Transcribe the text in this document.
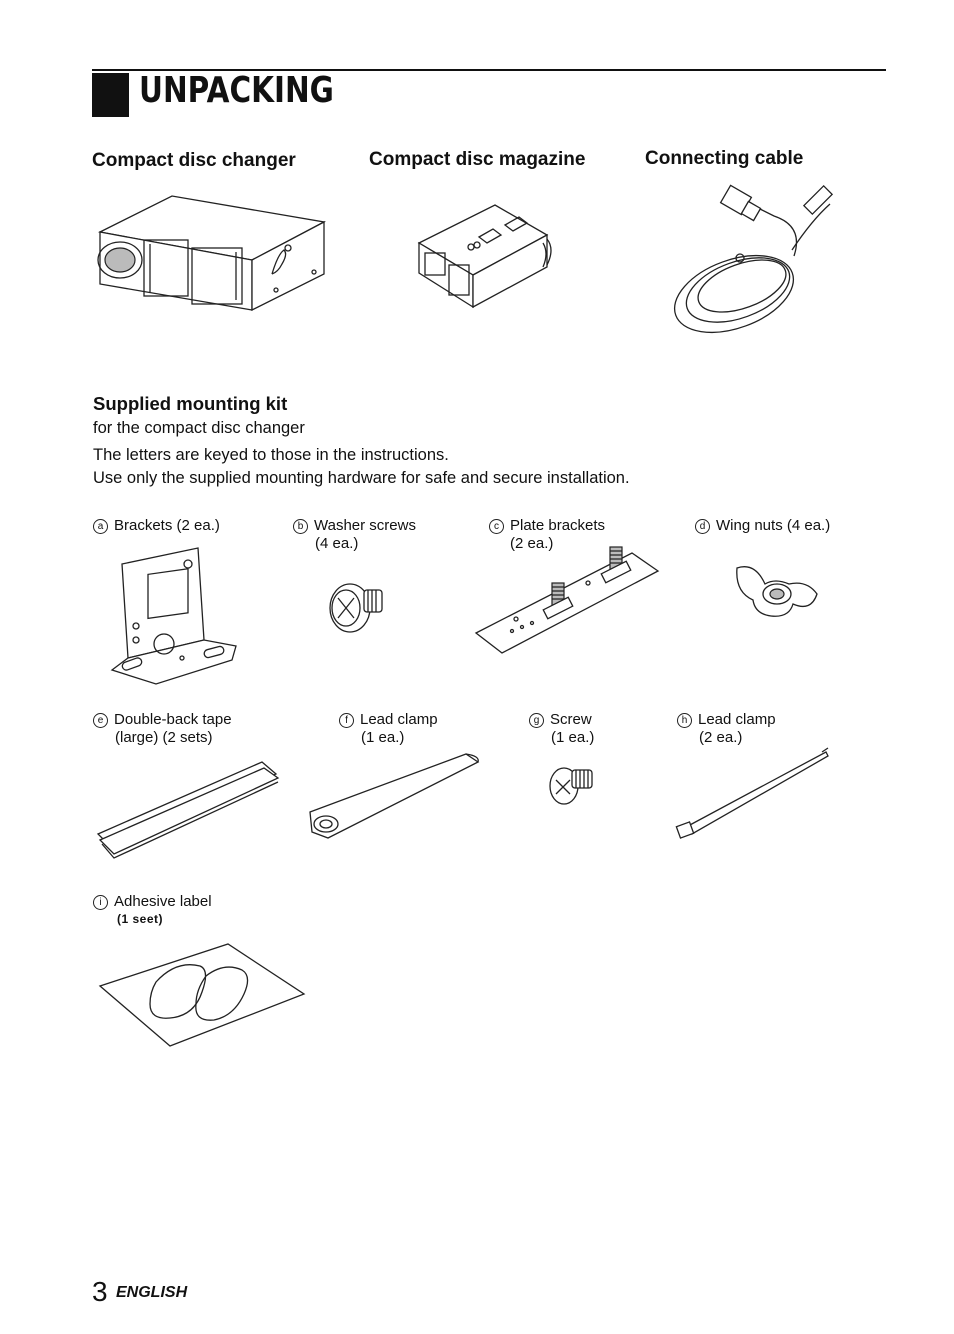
UNPACKING
Compact disc changer	Compact disc magazine	Connecting cable
Supplied mounting kit
for the compact disc changer
The letters are keyed to those in the instructions.
Use only the supplied mounting hardware for safe and secure installation.
a Brackets (2 ea.)	b Washer screws
(4 ea.)
c Plate brackets
(2 ea.)
d Wing nuts (4 ea.)
e Double-back tape
(large) (2 sets)
f Lead clamp
(1 ea.)
g Screw
(1 ea.)
h Lead clamp
(2 ea.)
i Adhesive label
(1 seet)
3 ENGLISH
